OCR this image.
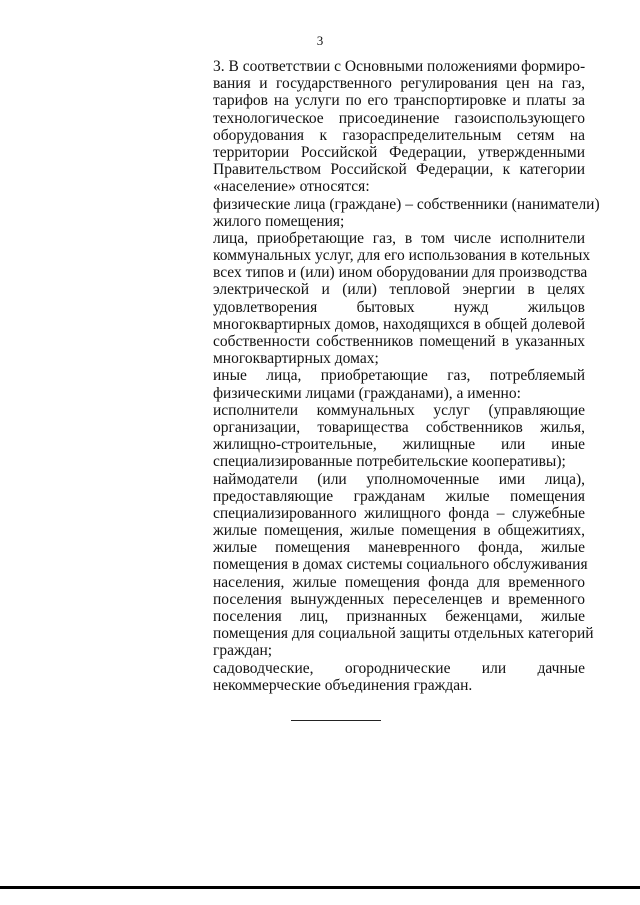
3
3. В соответствии с Основными положениями формиро-
вания и государственного регулирования цен на газ,
тарифов на услуги по его транспортировке и платы за
технологическое присоединение газоиспользующего
оборудования к газораспределительным сетям на
территории Российской Федерации, утвержденными
Правительством Российской Федерации, к категории
«население» относятся:
физические лица (граждане) – собственники (наниматели)
жилого помещения;
лица, приобретающие газ, в том числе исполнители
коммунальных услуг, для его использования в котельных
всех типов и (или) ином оборудовании для производства
электрической и (или) тепловой энергии в целях
удовлетворения бытовых нужд жильцов
многоквартирных домов, находящихся в общей долевой
собственности собственников помещений в указанных
многоквартирных домах;
иные лица, приобретающие газ, потребляемый
физическими лицами (гражданами), а именно:
исполнители коммунальных услуг (управляющие
организации, товарищества собственников жилья,
жилищно-строительные, жилищные или иные
специализированные потребительские кооперативы);
наймодатели (или уполномоченные ими лица),
предоставляющие гражданам жилые помещения
специализированного жилищного фонда – служебные
жилые помещения, жилые помещения в общежитиях,
жилые помещения маневренного фонда, жилые
помещения в домах системы социального обслуживания
населения, жилые помещения фонда для временного
поселения вынужденных переселенцев и временного
поселения лиц, признанных беженцами, жилые
помещения для социальной защиты отдельных категорий
граждан;
садоводческие, огороднические или дачные
некоммерческие объединения граждан.
